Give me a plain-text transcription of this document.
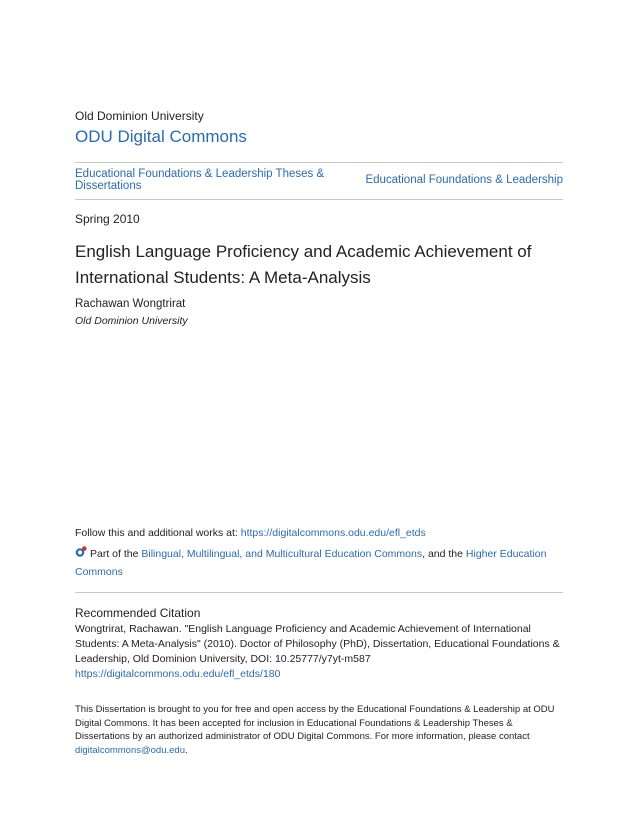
Old Dominion University
ODU Digital Commons
Educational Foundations & Leadership Theses & Dissertations	Educational Foundations & Leadership
Spring 2010
English Language Proficiency and Academic Achievement of International Students: A Meta-Analysis
Rachawan Wongtrirat
Old Dominion University
Follow this and additional works at: https://digitalcommons.odu.edu/efl_etds
Part of the Bilingual, Multilingual, and Multicultural Education Commons, and the Higher Education Commons
Recommended Citation
Wongtrirat, Rachawan. "English Language Proficiency and Academic Achievement of International Students: A Meta-Analysis" (2010). Doctor of Philosophy (PhD), Dissertation, Educational Foundations & Leadership, Old Dominion University, DOI: 10.25777/y7yt-m587
https://digitalcommons.odu.edu/efl_etds/180
This Dissertation is brought to you for free and open access by the Educational Foundations & Leadership at ODU Digital Commons. It has been accepted for inclusion in Educational Foundations & Leadership Theses & Dissertations by an authorized administrator of ODU Digital Commons. For more information, please contact
digitalcommons@odu.edu.
